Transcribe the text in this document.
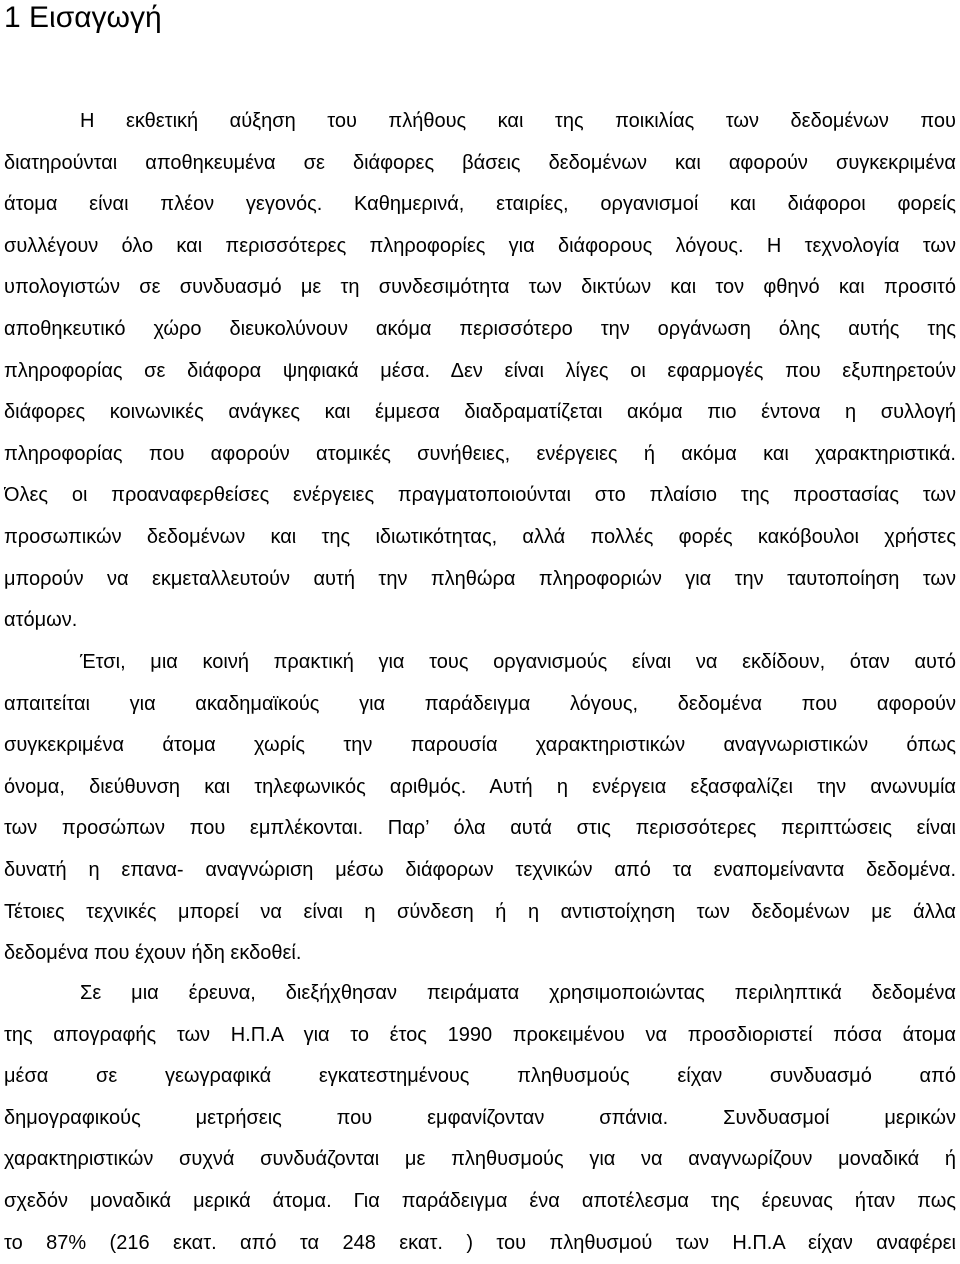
1 Εισαγωγή
Η εκθετική αύξηση του πλήθους και της ποικιλίας των δεδομένων που
διατηρούνται αποθηκευμένα σε διάφορες βάσεις δεδομένων και αφορούν συγκεκριμένα
άτομα είναι πλέον γεγονός. Καθημερινά, εταιρίες, οργανισμοί και διάφοροι φορείς
συλλέγουν όλο και περισσότερες πληροφορίες για διάφορους λόγους. Η τεχνολογία των
υπολογιστών σε συνδυασμό με τη συνδεσιμότητα των δικτύων και τον φθηνό και προσιτό
αποθηκευτικό χώρο διευκολύνουν ακόμα περισσότερο την οργάνωση όλης αυτής της
πληροφορίας σε διάφορα ψηφιακά μέσα. Δεν είναι λίγες οι εφαρμογές που εξυπηρετούν
διάφορες κοινωνικές ανάγκες και έμμεσα διαδραματίζεται ακόμα πιο έντονα η συλλογή
πληροφορίας που αφορούν ατομικές συνήθειες, ενέργειες ή ακόμα και χαρακτηριστικά.
Όλες οι προαναφερθείσες ενέργειες πραγματοποιούνται στο πλαίσιο της προστασίας των
προσωπικών δεδομένων και της ιδιωτικότητας, αλλά πολλές φορές κακόβουλοι χρήστες
μπορούν να εκμεταλλευτούν αυτή την πληθώρα πληροφοριών για την ταυτοποίηση των
ατόμων.
Έτσι, μια κοινή πρακτική για τους οργανισμούς είναι να εκδίδουν, όταν αυτό
απαιτείται για ακαδημαϊκούς για παράδειγμα λόγους, δεδομένα που αφορούν
συγκεκριμένα άτομα χωρίς την παρουσία χαρακτηριστικών αναγνωριστικών όπως
όνομα, διεύθυνση και τηλεφωνικός αριθμός. Αυτή η ενέργεια εξασφαλίζει την ανωνυμία
των προσώπων που εμπλέκονται. Παρ’ όλα αυτά στις περισσότερες περιπτώσεις είναι
δυνατή η επανα- αναγνώριση μέσω διάφορων τεχνικών από τα εναπομείναντα δεδομένα.
Τέτοιες τεχνικές μπορεί να είναι η σύνδεση ή η αντιστοίχηση των δεδομένων με άλλα
δεδομένα που έχουν ήδη εκδοθεί.
Σε μια έρευνα, διεξήχθησαν πειράματα χρησιμοποιώντας περιληπτικά δεδομένα
της απογραφής των Η.Π.Α για το έτος 1990 προκειμένου να προσδιοριστεί πόσα άτομα
μέσα σε γεωγραφικά εγκατεστημένους πληθυσμούς είχαν συνδυασμό από
δημογραφικούς μετρήσεις που εμφανίζονταν σπάνια. Συνδυασμοί μερικών
χαρακτηριστικών συχνά συνδυάζονται με πληθυσμούς για να αναγνωρίζουν μοναδικά ή
σχεδόν μοναδικά μερικά άτομα. Για παράδειγμα ένα αποτέλεσμα της έρευνας ήταν πως
το 87% (216 εκατ. από τα 248 εκατ. ) του πληθυσμού των Η.Π.Α είχαν αναφέρει
